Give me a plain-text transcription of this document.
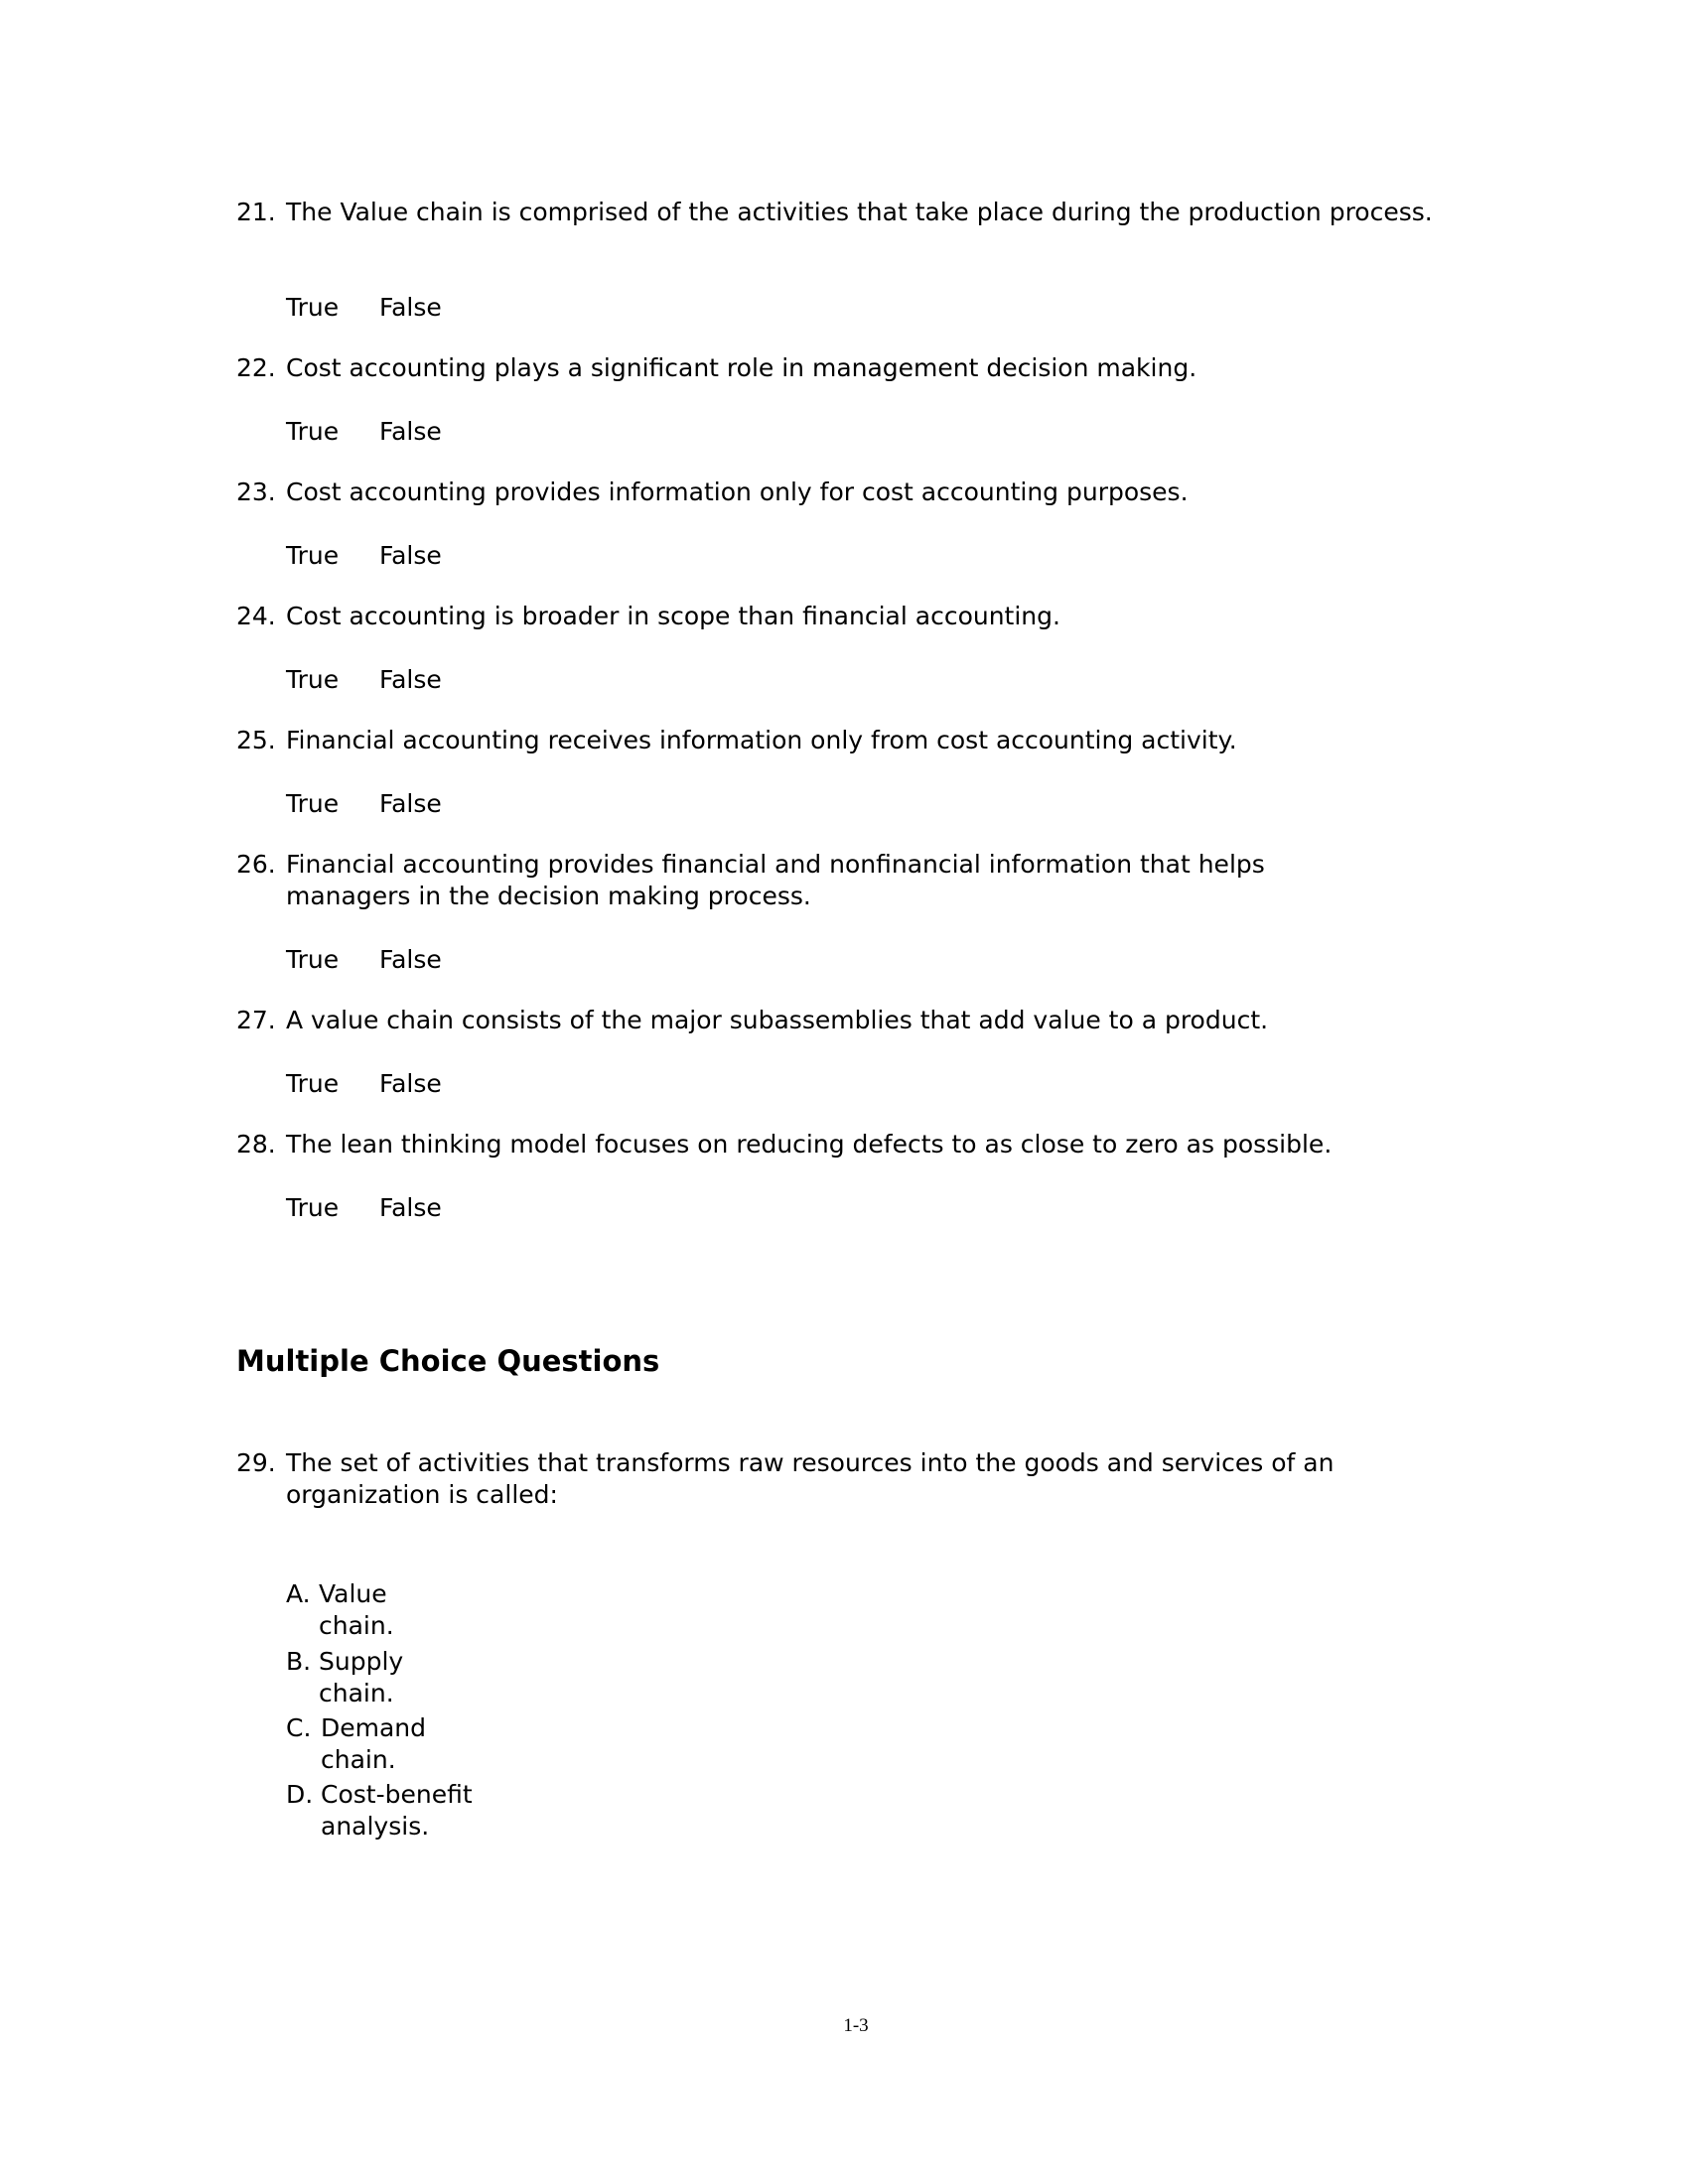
21. The Value chain is comprised of the activities that take place during the production process.
True False
22. Cost accounting plays a significant role in management decision making.
True False
23. Cost accounting provides information only for cost accounting purposes.
True False
24. Cost accounting is broader in scope than financial accounting.
True False
25. Financial accounting receives information only from cost accounting activity.
True False
26. Financial accounting provides financial and nonfinancial information that helps managers in the decision making process.
True False
27. A value chain consists of the major subassemblies that add value to a product.
True False
28. The lean thinking model focuses on reducing defects to as close to zero as possible.
True False
Multiple Choice Questions
29. The set of activities that transforms raw resources into the goods and services of an organization is called:
A. Value chain.
B. Supply chain.
C. Demand chain.
D. Cost-benefit analysis.
1-3
